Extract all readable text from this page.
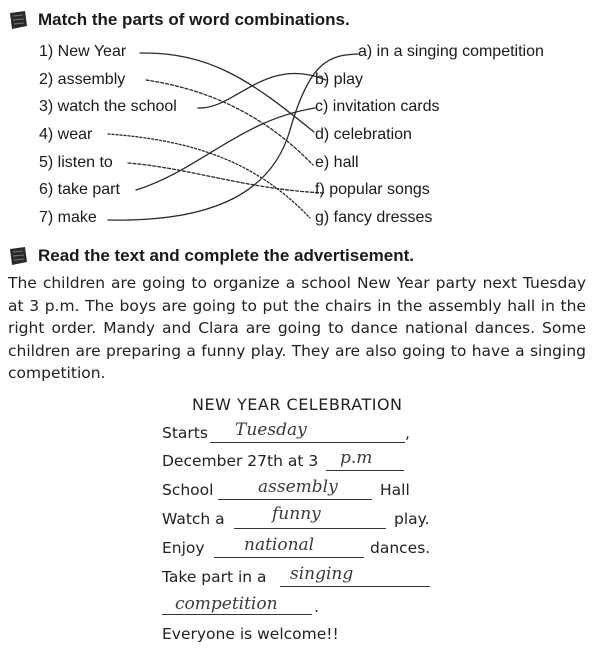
Match the parts of word combinations.
1) New Year
2) assembly
3) watch the school
4) wear
5) listen to
6) take part
7) make
a) in a singing competition
b) play
c) invitation cards
d) celebration
e) hall
f) popular songs
g) fancy dresses
Read the text and complete the advertisement.
The children are going to organize a school New Year party next Tuesday at 3 p.m. The boys are going to put the chairs in the assembly hall in the right order. Mandy and Clara are going to dance national dances. Some children are preparing a funny play. They are also going to have a singing competition.
NEW YEAR CELEBRATION
Starts Tuesday	,
December 27th at 3 p.m
School	assembly	Hall
Watch a	funny	play.
Enjoy national	dances.
Take part in a singing
competition .
Everyone is welcome!!
